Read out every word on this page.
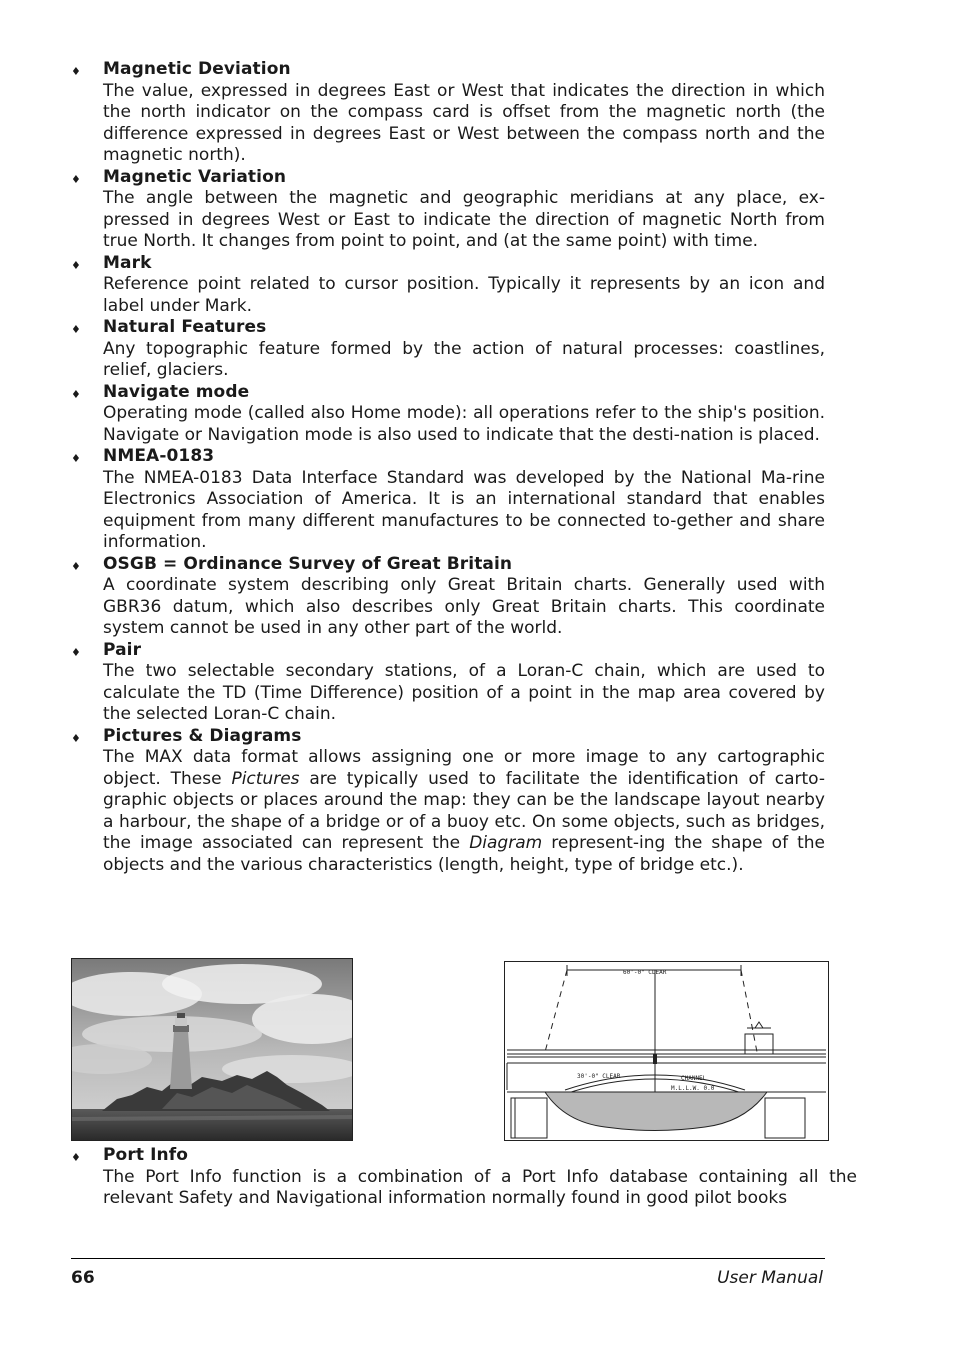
♦ Magnetic Deviation
The value, expressed in degrees East or West that indicates the direction in which the north indicator on the compass card is offset from the magnetic north (the difference expressed in degrees East or West between the compass north and the magnetic north).
♦ Magnetic Variation
The angle between the magnetic and geographic meridians at any place, ex-pressed in degrees West or East to indicate the direction of magnetic North from true North. It changes from point to point, and (at the same point) with time.
♦ Mark
Reference point related to cursor position. Typically it represents by an icon and label under Mark.
♦ Natural Features
Any topographic feature formed by the action of natural processes: coastlines, relief, glaciers.
♦ Navigate mode
Operating mode (called also Home mode): all operations refer to the ship's position. Navigate or Navigation mode is also used to indicate that the desti-nation is placed.
♦ NMEA-0183
The NMEA-0183 Data Interface Standard was developed by the National Ma-rine Electronics Association of America. It is an international standard that enables equipment from many different manufactures to be connected to-gether and share information.
♦ OSGB = Ordinance Survey of Great Britain
A coordinate system describing only Great Britain charts. Generally used with GBR36 datum, which also describes only Great Britain charts. This coordinate system cannot be used in any other part of the world.
♦ Pair
The two selectable secondary stations, of a Loran-C chain, which are used to calculate the TD (Time Difference) position of a point in the map area covered by the selected Loran-C chain.
♦ Pictures & Diagrams
The MAX data format allows assigning one or more image to any cartographic object. These Pictures are typically used to facilitate the identification of carto-graphic objects or places around the map: they can be the landscape layout nearby a harbour, the shape of a bridge or of a buoy etc. On some objects, such as bridges, the image associated can represent the Diagram represent-ing the shape of the objects and the various characteristics (length, height, type of bridge etc.).
60'-0" CLEAR
30'-0" CLEAR	CHANNEL
M.L.L.W. 0.0
♦ Port Info
The Port Info function is a combination of a Port Info database containing all the relevant Safety and Navigational information normally found in good pilot books
66	User Manual
